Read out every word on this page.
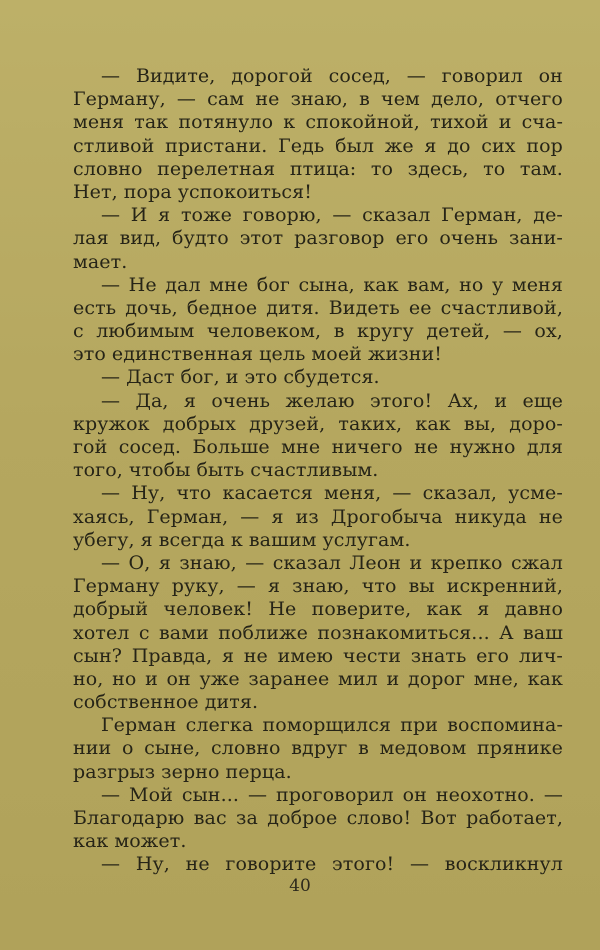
— Видите, дорогой сосед, — говорил он
Герману, — сам не знаю, в чем дело, отчего
меня так потянуло к спокойной, тихой и сча-
стливой пристани. Гедь был же я до сих пор
словно перелетная птица: то здесь, то там.
Нет, пора успокоиться!
— И я тоже говорю, — сказал Герман, де-
лая вид, будто этот разговор его очень зани-
мает.
— Не дал мне бог сына, как вам, но у меня
есть дочь, бедное дитя. Видеть ее счастливой,
с любимым человеком, в кругу детей, — ох,
это единственная цель моей жизни!
— Даст бог, и это сбудется.
— Да, я очень желаю этого! Ах, и еще
кружок добрых друзей, таких, как вы, доро-
гой сосед. Больше мне ничего не нужно для
того, чтобы быть счастливым.
— Ну, что касается меня, — сказал, усме-
хаясь, Герман, — я из Дрогобыча никуда не
убегу, я всегда к вашим услугам.
— О, я знаю, — сказал Леон и крепко сжал
Герману руку, — я знаю, что вы искренний,
добрый человек! Не поверите, как я давно
хотел с вами поближе познакомиться... А ваш
сын? Правда, я не имею чести знать его лич-
но, но и он уже заранее мил и дорог мне, как
собственное дитя.
Герман слегка поморщился при воспомина-
нии о сыне, словно вдруг в медовом прянике
разгрыз зерно перца.
— Мой сын... — проговорил он неохотно. —
Благодарю вас за доброе слово! Вот работает,
как может.
— Ну, не говорите этого! — воскликнул
40
